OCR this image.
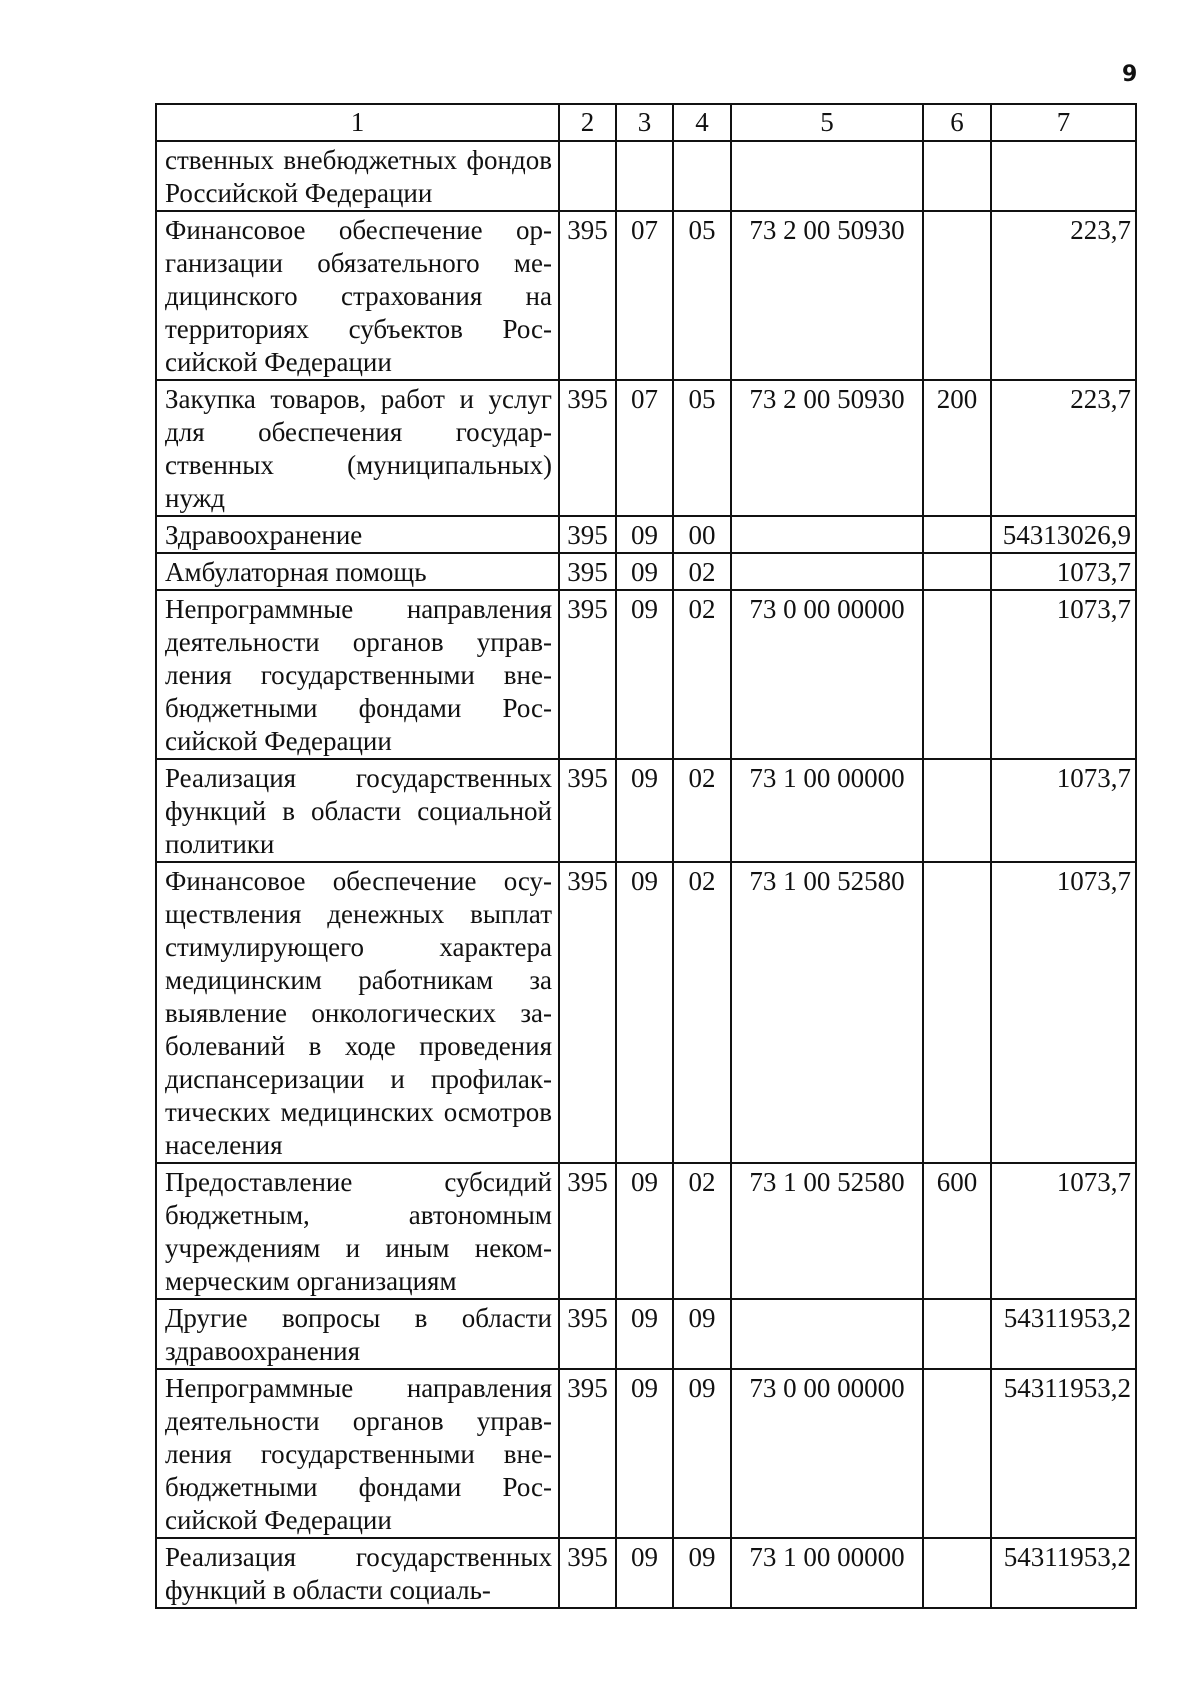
9
1	2	3	4	5	6	7
ственных внебюджетных фондов Российской Федерации						
Финансовое обеспечение организации обязательного медицинского страхования на территориях субъектов Российской Федерации	395	07	05	73 2 00 50930		223,7
Закупка товаров, работ и услуг для обеспечения государственных (муниципальных) нужд	395	07	05	73 2 00 50930	200	223,7
Здравоохранение	395	09	00			54313026,9
Амбулаторная помощь	395	09	02			1073,7
Непрограммные направления деятельности органов управления государственными внебюджетными фондами Российской Федерации	395	09	02	73 0 00 00000		1073,7
Реализация государственных функций в области социальной политики	395	09	02	73 1 00 00000		1073,7
Финансовое обеспечение осуществления денежных выплат стимулирующего характера медицинским работникам за выявление онкологических заболеваний в ходе проведения диспансеризации и профилактических медицинских осмотров населения	395	09	02	73 1 00 52580		1073,7
Предоставление субсидий бюджетным, автономным учреждениям и иным некоммерческим организациям	395	09	02	73 1 00 52580	600	1073,7
Другие вопросы в области здравоохранения	395	09	09			54311953,2
Непрограммные направления деятельности органов управления государственными внебюджетными фондами Российской Федерации	395	09	09	73 0 00 00000		54311953,2
Реализация государственных функций в области социаль-	395	09	09	73 1 00 00000		54311953,2
